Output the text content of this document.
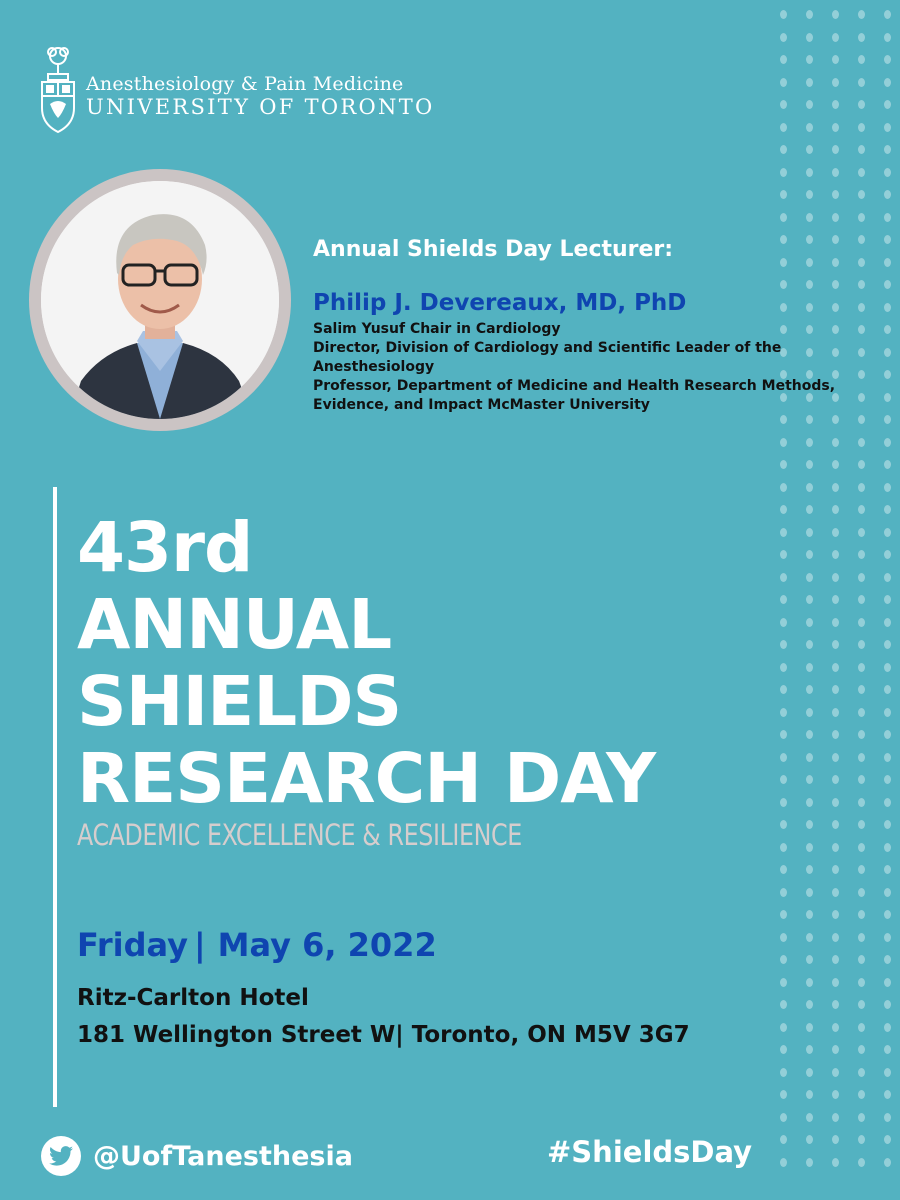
Anesthesiology & Pain Medicine
UNIVERSITY OF TORONTO
Annual Shields Day Lecturer:
Philip J. Devereaux, MD, PhD
Salim Yusuf Chair in Cardiology
Director, Division of Cardiology and Scientific Leader of the
Anesthesiology
Professor, Department of Medicine and Health Research Methods,
Evidence, and Impact McMaster University
43rd
ANNUAL
SHIELDS
RESEARCH DAY
ACADEMIC EXCELLENCE & RESILIENCE
Friday | May 6, 2022
Ritz-Carlton Hotel
181 Wellington Street W| Toronto, ON M5V 3G7
@UofTanesthesia	#ShieldsDay
